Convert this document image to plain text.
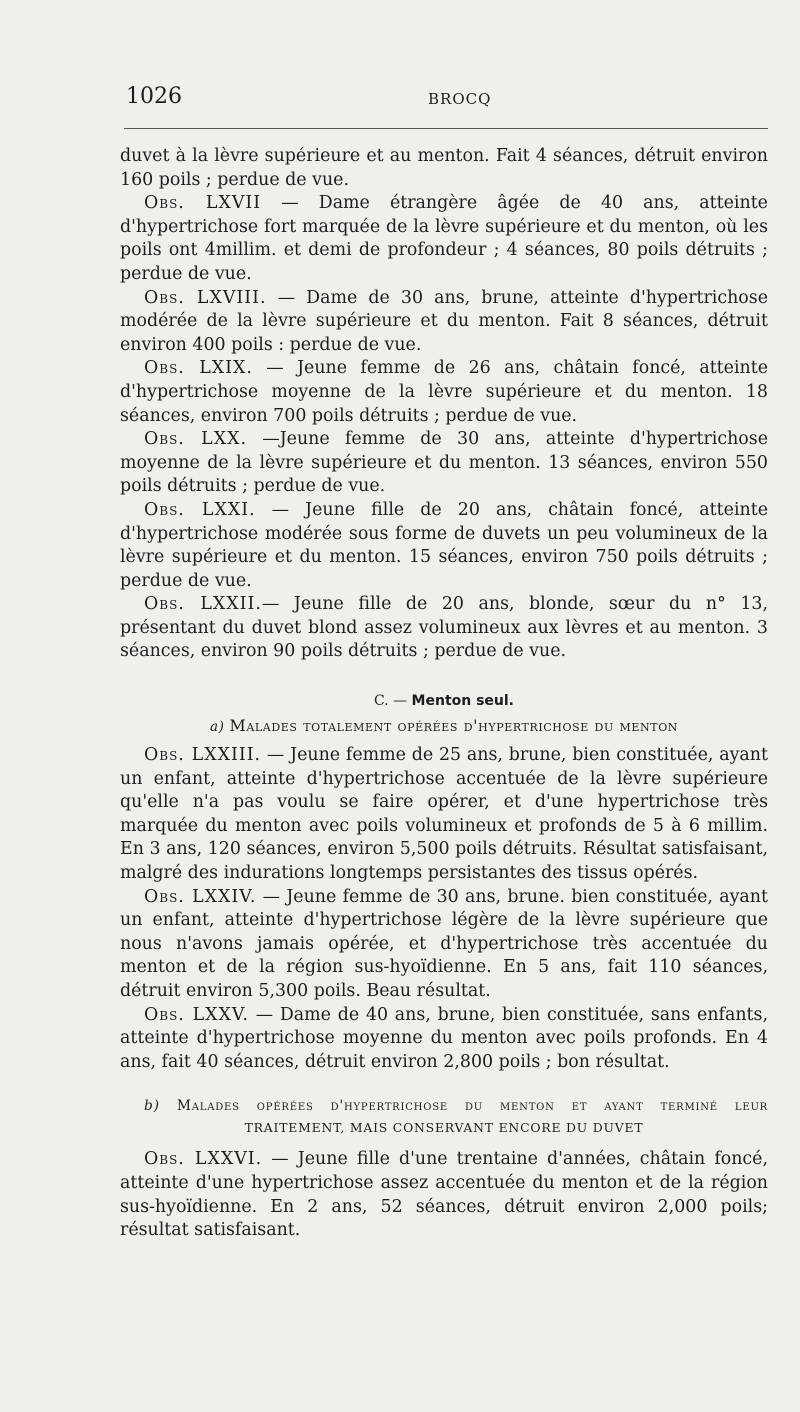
1026	BROCQ

duvet à la lèvre supérieure et au menton. Fait 4 séances, détruit environ 160 poils ; perdue de vue.

Obs. LXVII — Dame étrangère âgée de 40 ans, atteinte d'hypertrichose fort marquée de la lèvre supérieure et du menton, où les poils ont 4millim. et demi de profondeur ; 4 séances, 80 poils détruits ; perdue de vue.

Obs. LXVIII. — Dame de 30 ans, brune, atteinte d'hypertrichose modérée de la lèvre supérieure et du menton. Fait 8 séances, détruit environ 400 poils : perdue de vue.

Obs. LXIX. — Jeune femme de 26 ans, châtain foncé, atteinte d'hypertrichose moyenne de la lèvre supérieure et du menton. 18 séances, environ 700 poils détruits ; perdue de vue.

Obs. LXX. —Jeune femme de 30 ans, atteinte d'hypertrichose moyenne de la lèvre supérieure et du menton. 13 séances, environ 550 poils détruits ; perdue de vue.

Obs. LXXI. — Jeune fille de 20 ans, châtain foncé, atteinte d'hypertrichose modérée sous forme de duvets un peu volumineux de la lèvre supérieure et du menton. 15 séances, environ 750 poils détruits ; perdue de vue.

Obs. LXXII.— Jeune fille de 20 ans, blonde, sœur du n° 13, présentant du duvet blond assez volumineux aux lèvres et au menton. 3 séances, environ 90 poils détruits ; perdue de vue.

C. — Menton seul.
a) Malades totalement opérées d'hypertrichose du menton

Obs. LXXIII. — Jeune femme de 25 ans, brune, bien constituée, ayant un enfant, atteinte d'hypertrichose accentuée de la lèvre supérieure qu'elle n'a pas voulu se faire opérer, et d'une hypertrichose très marquée du menton avec poils volumineux et profonds de 5 à 6 millim. En 3 ans, 120 séances, environ 5,500 poils détruits. Résultat satisfaisant, malgré des indurations longtemps persistantes des tissus opérés.

Obs. LXXIV. — Jeune femme de 30 ans, brune. bien constituée, ayant un enfant, atteinte d'hypertrichose légère de la lèvre supérieure que nous n'avons jamais opérée, et d'hypertrichose très accentuée du menton et de la région sus-hyoïdienne. En 5 ans, fait 110 séances, détruit environ 5,300 poils. Beau résultat.

Obs. LXXV. — Dame de 40 ans, brune, bien constituée, sans enfants, atteinte d'hypertrichose moyenne du menton avec poils profonds. En 4 ans, fait 40 séances, détruit environ 2,800 poils ; bon résultat.

b) Malades opérées d'hypertrichose du menton et ayant terminé leur
TRAITEMENT, MAIS CONSERVANT ENCORE DU DUVET

Obs. LXXVI. — Jeune fille d'une trentaine d'années, châtain foncé, atteinte d'une hypertrichose assez accentuée du menton et de la région sus-hyoïdienne. En 2 ans, 52 séances, détruit environ 2,000 poils; résultat satisfaisant.
